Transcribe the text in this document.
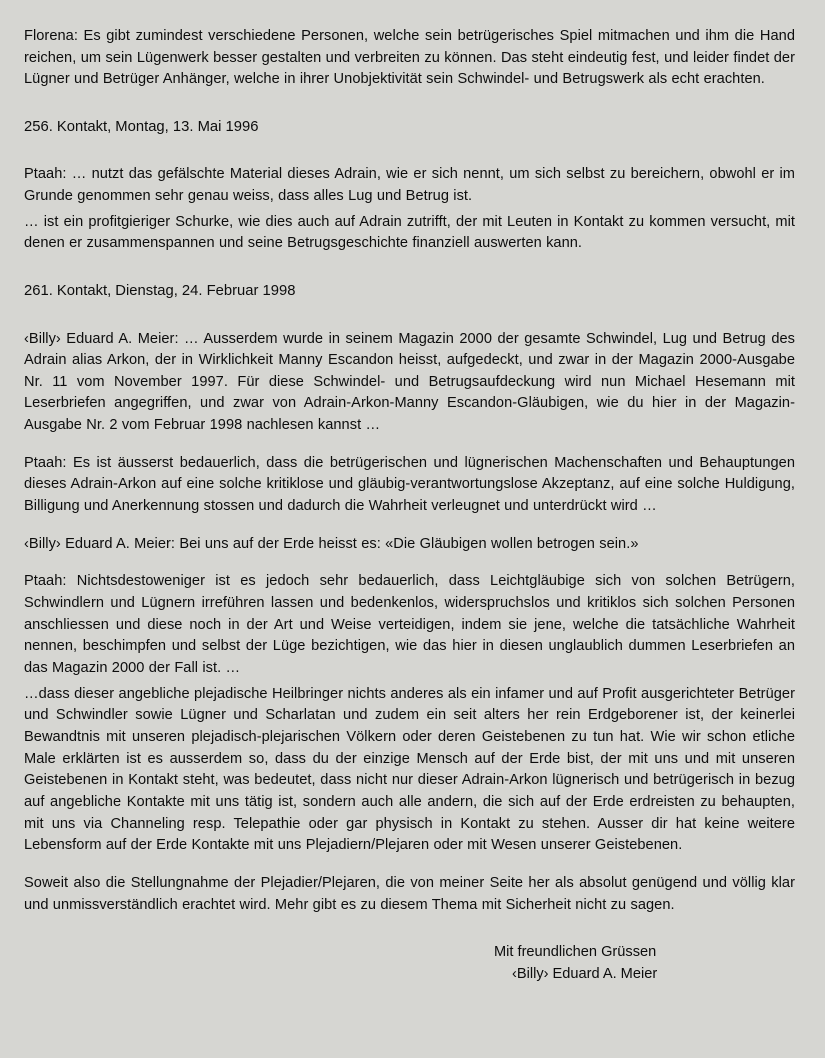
Florena: Es gibt zumindest verschiedene Personen, welche sein betrügerisches Spiel mitmachen und ihm die Hand reichen, um sein Lügenwerk besser gestalten und verbreiten zu können. Das steht eindeutig fest, und leider findet der Lügner und Betrüger Anhänger, welche in ihrer Unobjektivität sein Schwindel- und Betrugswerk als echt erachten.

256. Kontakt, Montag, 13. Mai 1996

Ptaah: … nutzt das gefälschte Material dieses Adrain, wie er sich nennt, um sich selbst zu bereichern, obwohl er im Grunde genommen sehr genau weiss, dass alles Lug und Betrug ist.

… ist ein profitgieriger Schurke, wie dies auch auf Adrain zutrifft, der mit Leuten in Kontakt zu kommen versucht, mit denen er zusammenspannen und seine Betrugsgeschichte finanziell auswerten kann.

261. Kontakt, Dienstag, 24. Februar 1998

‹Billy› Eduard A. Meier: … Ausserdem wurde in seinem Magazin 2000 der gesamte Schwindel, Lug und Betrug des Adrain alias Arkon, der in Wirklichkeit Manny Escandon heisst, aufgedeckt, und zwar in der Magazin 2000-Ausgabe Nr. 11 vom November 1997. Für diese Schwindel- und Betrugsaufdeckung wird nun Michael Hesemann mit Leserbriefen angegriffen, und zwar von Adrain-Arkon-Manny Escandon-Gläubigen, wie du hier in der Magazin-Ausgabe Nr. 2 vom Februar 1998 nachlesen kannst …

Ptaah: Es ist äusserst bedauerlich, dass die betrügerischen und lügnerischen Machenschaften und Behauptungen dieses Adrain-Arkon auf eine solche kritiklose und gläubig-verantwortungslose Akzeptanz, auf eine solche Huldigung, Billigung und Anerkennung stossen und dadurch die Wahrheit verleugnet und unterdrückt wird …

‹Billy› Eduard A. Meier: Bei uns auf der Erde heisst es: «Die Gläubigen wollen betrogen sein.»

Ptaah: Nichtsdestoweniger ist es jedoch sehr bedauerlich, dass Leichtgläubige sich von solchen Betrügern, Schwindlern und Lügnern irreführen lassen und bedenkenlos, widerspruchslos und kritiklos sich solchen Personen anschliessen und diese noch in der Art und Weise verteidigen, indem sie jene, welche die tatsächliche Wahrheit nennen, beschimpfen und selbst der Lüge bezichtigen, wie das hier in diesen unglaublich dummen Leserbriefen an das Magazin 2000 der Fall ist. …

…dass dieser angebliche plejadische Heilbringer nichts anderes als ein infamer und auf Profit ausgerichteter Betrüger und Schwindler sowie Lügner und Scharlatan und zudem ein seit alters her rein Erdgeborener ist, der keinerlei Bewandtnis mit unseren plejadisch-plejarischen Völkern oder deren Geistebenen zu tun hat. Wie wir schon etliche Male erklärten ist es ausserdem so, dass du der einzige Mensch auf der Erde bist, der mit uns und mit unseren Geistebenen in Kontakt steht, was bedeutet, dass nicht nur dieser Adrain-Arkon lügnerisch und betrügerisch in bezug auf angebliche Kontakte mit uns tätig ist, sondern auch alle andern, die sich auf der Erde erdreisten zu behaupten, mit uns via Channeling resp. Telepathie oder gar physisch in Kontakt zu stehen. Ausser dir hat keine weitere Lebensform auf der Erde Kontakte mit uns Plejadiern/Plejaren oder mit Wesen unserer Geistebenen.

Soweit also die Stellungnahme der Plejadier/Plejaren, die von meiner Seite her als absolut genügend und völlig klar und unmissverständlich erachtet wird. Mehr gibt es zu diesem Thema mit Sicherheit nicht zu sagen.

Mit freundlichen Grüssen
‹Billy› Eduard A. Meier
